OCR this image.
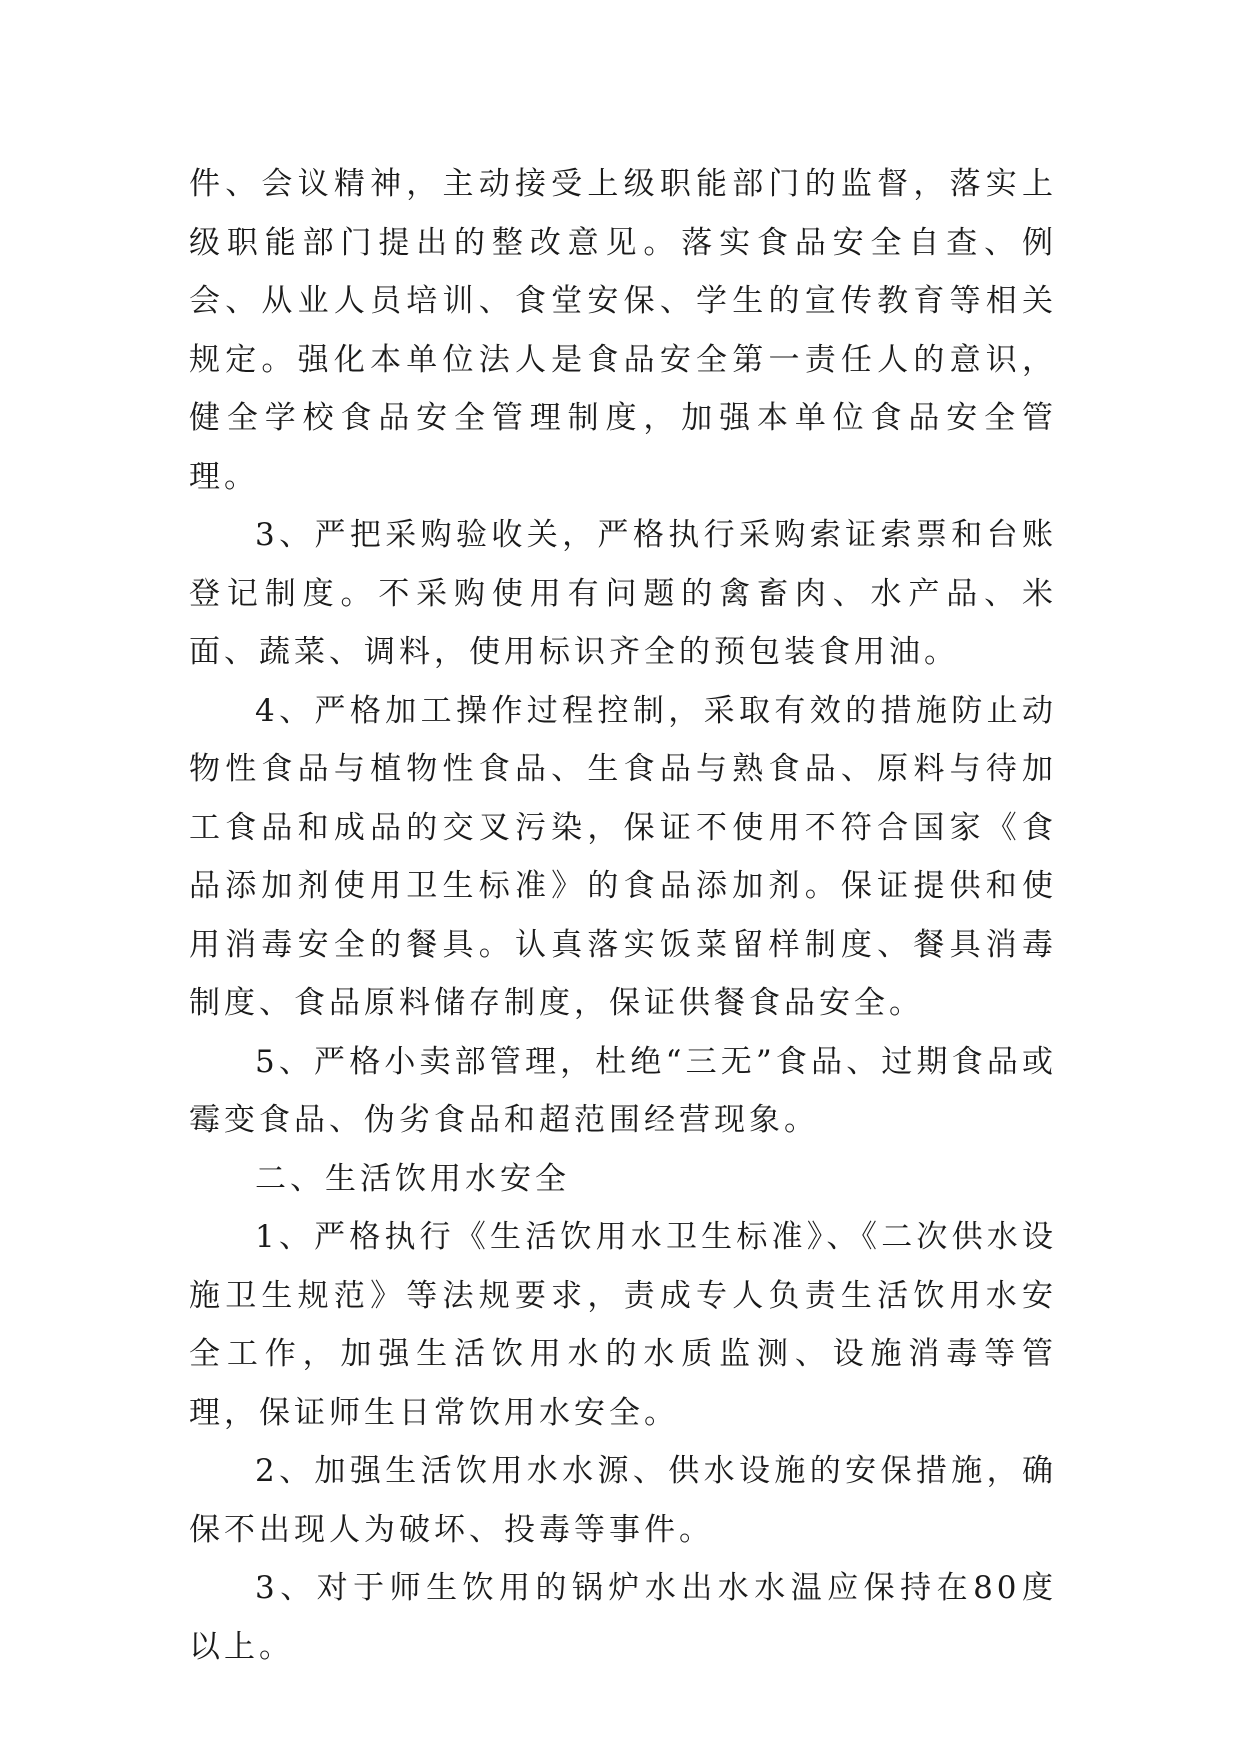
件、会议精神，主动接受上级职能部门的监督，落实上级职能部门提出的整改意见。落实食品安全自查、例会、从业人员培训、食堂安保、学生的宣传教育等相关规定。强化本单位法人是食品安全第一责任人的意识，健全学校食品安全管理制度，加强本单位食品安全管理。

3、严把采购验收关，严格执行采购索证索票和台账登记制度。不采购使用有问题的禽畜肉、水产品、米面、蔬菜、调料，使用标识齐全的预包装食用油。

4、严格加工操作过程控制，采取有效的措施防止动物性食品与植物性食品、生食品与熟食品、原料与待加工食品和成品的交叉污染，保证不使用不符合国家《食品添加剂使用卫生标准》的食品添加剂。保证提供和使用消毒安全的餐具。认真落实饭菜留样制度、餐具消毒制度、食品原料储存制度，保证供餐食品安全。

5、严格小卖部管理，杜绝“三无”食品、过期食品或霉变食品、伪劣食品和超范围经营现象。

二、生活饮用水安全

1、严格执行《生活饮用水卫生标准》、《二次供水设施卫生规范》等法规要求，责成专人负责生活饮用水安全工作，加强生活饮用水的水质监测、设施消毒等管理，保证师生日常饮用水安全。

2、加强生活饮用水水源、供水设施的安保措施，确保不出现人为破坏、投毒等事件。

3、对于师生饮用的锅炉水出水水温应保持在80度以上。
